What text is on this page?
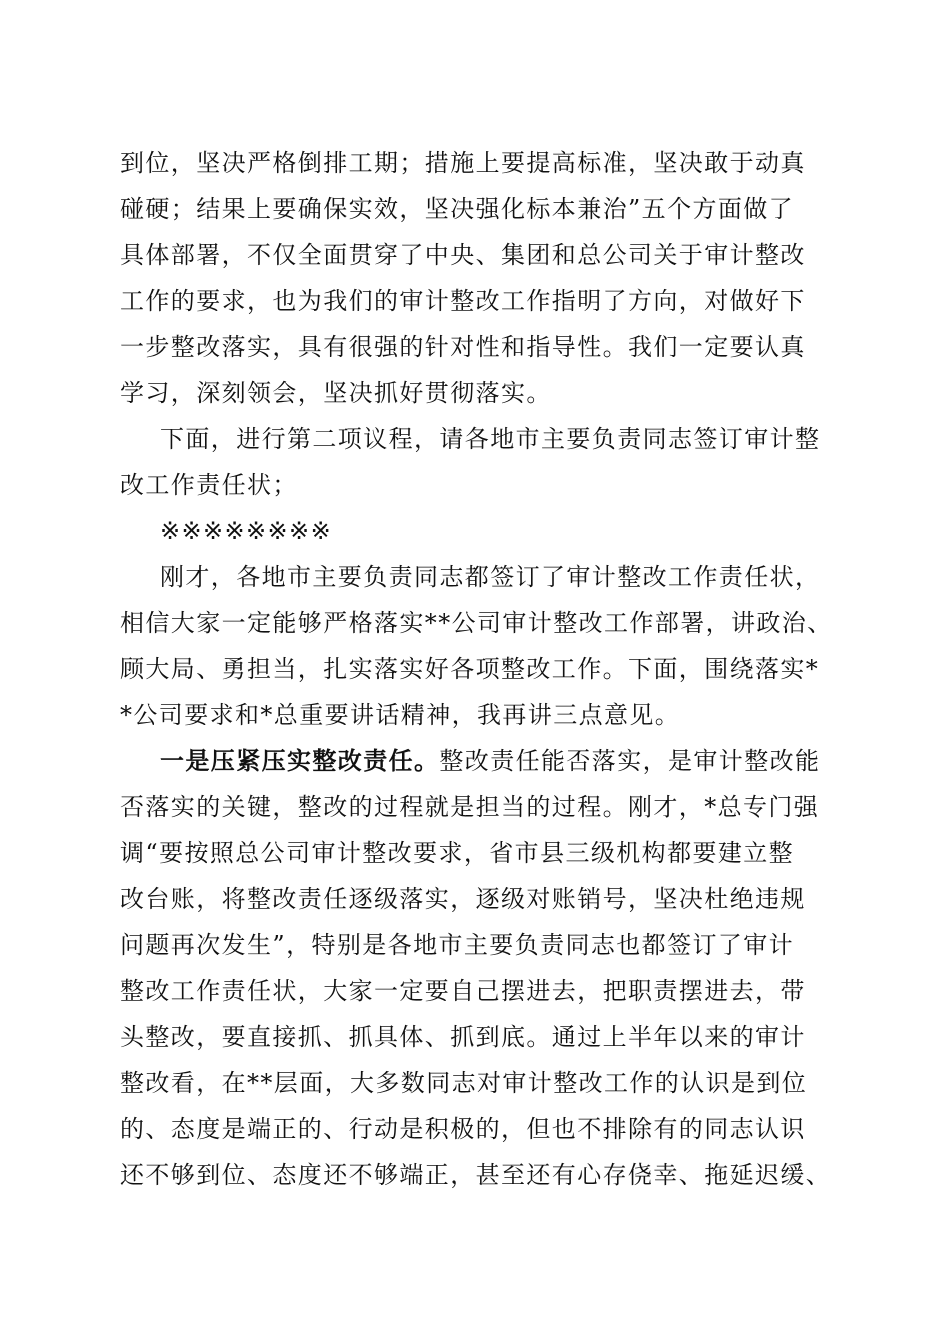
到位，坚决严格倒排工期；措施上要提高标准，坚决敢于动真
碰硬；结果上要确保实效，坚决强化标本兼治”五个方面做了
具体部署，不仅全面贯穿了中央、集团和总公司关于审计整改
工作的要求，也为我们的审计整改工作指明了方向，对做好下
一步整改落实，具有很强的针对性和指导性。我们一定要认真
学习，深刻领会，坚决抓好贯彻落实。
下面，进行第二项议程，请各地市主要负责同志签订审计整
改工作责任状；
※※※※※※※※
刚才，各地市主要负责同志都签订了审计整改工作责任状，
相信大家一定能够严格落实**公司审计整改工作部署，讲政治、
顾大局、勇担当，扎实落实好各项整改工作。下面，围绕落实*
*公司要求和*总重要讲话精神，我再讲三点意见。
一是压紧压实整改责任。整改责任能否落实，是审计整改能
否落实的关键，整改的过程就是担当的过程。刚才，*总专门强
调“要按照总公司审计整改要求，省市县三级机构都要建立整
改台账，将整改责任逐级落实，逐级对账销号，坚决杜绝违规
问题再次发生”，特别是各地市主要负责同志也都签订了审计
整改工作责任状，大家一定要自己摆进去，把职责摆进去，带
头整改，要直接抓、抓具体、抓到底。通过上半年以来的审计
整改看，在**层面，大多数同志对审计整改工作的认识是到位
的、态度是端正的、行动是积极的，但也不排除有的同志认识
还不够到位、态度还不够端正，甚至还有心存侥幸、拖延迟缓、
